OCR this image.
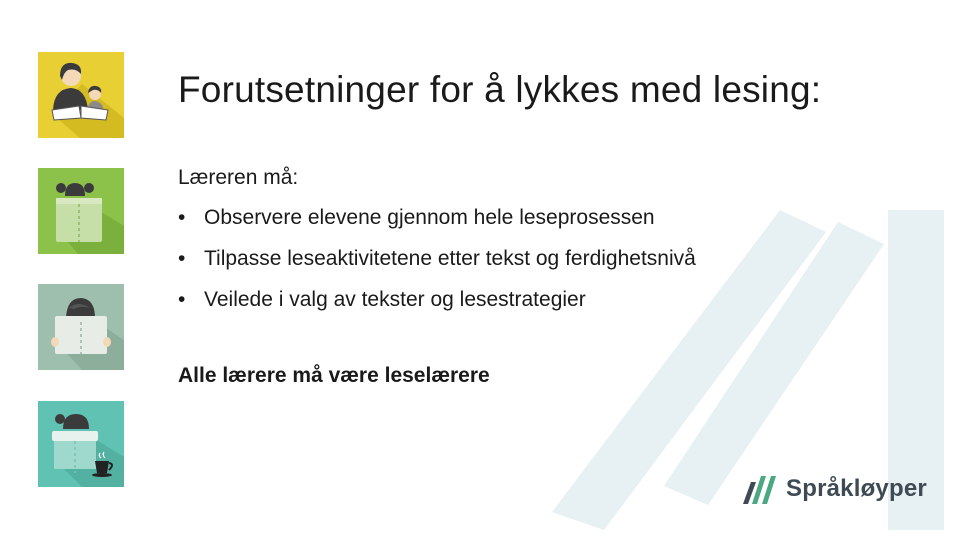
Forutsetninger for å lykkes med lesing:
Læreren må:
• Observere elevene gjennom hele leseprosessen
• Tilpasse leseaktivitetene etter tekst og ferdighetsnivå
• Veilede i valg av tekster og lesestrategier
Alle lærere må være leselærere
Språkløyper
